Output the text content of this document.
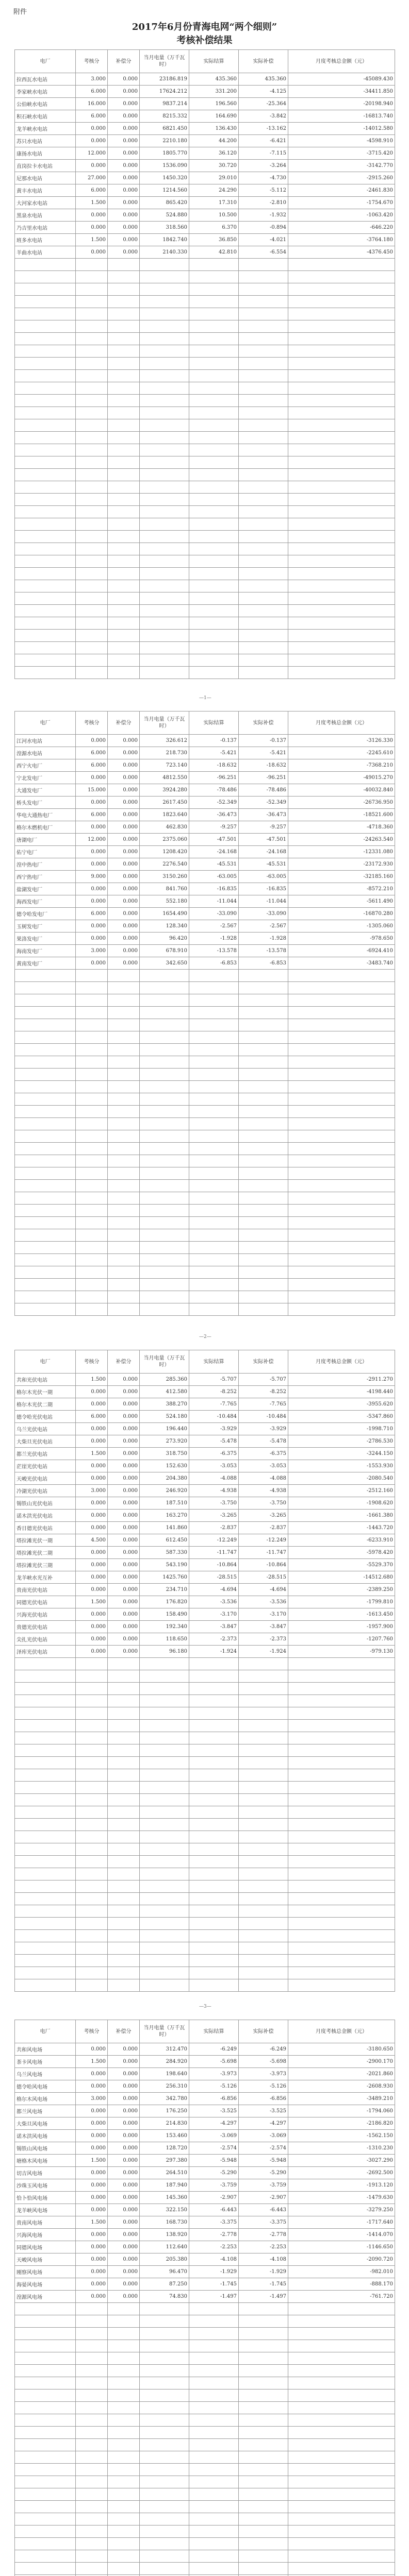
附件
2017年6月份青海电网“两个细则”
考核补偿结果
电厂	考核分	补偿分	当月电量（万千瓦时）	实际结算	实际补偿	月度考核总金额（元）
拉西瓦水电站	3.000	0.000	23186.819	435.360	435.360	-45089.430
李家峡水电站	6.000	0.000	17624.212	331.200	-4.125	-34411.850
公伯峡水电站	16.000	0.000	9837.214	196.560	-25.364	-20198.940
积石峡水电站	6.000	0.000	8215.332	164.690	-3.842	-16813.740
龙羊峡水电站	0.000	0.000	6821.450	136.430	-13.162	-14012.580
苏只水电站	0.000	0.000	2210.180	44.200	-6.421	-4598.910
康扬水电站	12.000	0.000	1805.770	36.120	-7.115	-3715.420
直岗拉卡水电站	0.000	0.000	1536.090	30.720	-3.264	-3142.770
尼那水电站	27.000	0.000	1450.320	29.010	-4.730	-2915.260
黄丰水电站	6.000	0.000	1214.560	24.290	-5.112	-2461.830
大河家水电站	1.500	0.000	865.420	17.310	-2.810	-1754.670
黑泉水电站	0.000	0.000	524.880	10.500	-1.932	-1063.420
乃吉里水电站	0.000	0.000	318.560	6.370	-0.894	-646.220
班多水电站	1.500	0.000	1842.740	36.850	-4.021	-3764.180
羊曲水电站	0.000	0.000	2140.330	42.810	-6.554	-4376.450

—1—
电厂	考核分	补偿分	当月电量（万千瓦时）	实际结算	实际补偿	月度考核总金额（元）
江河水电站	0.000	0.000	326.612	-0.137	-0.137	-3126.330
湟源水电站	6.000	0.000	218.730	-5.421	-5.421	-2245.610
西宁火电厂	6.000	0.000	723.140	-18.632	-18.632	-7368.210
宁北发电厂	0.000	0.000	4812.550	-96.251	-96.251	-49015.270
大通发电厂	15.000	0.000	3924.280	-78.486	-78.486	-40032.840
桥头发电厂	0.000	0.000	2617.450	-52.349	-52.349	-26736.950
华电大通热电厂	6.000	0.000	1823.640	-36.473	-36.473	-18521.600
格尔木燃机电厂	0.000	0.000	462.830	-9.257	-9.257	-4718.360
唐湖电厂	12.000	0.000	2375.060	-47.501	-47.501	-24263.540
佑宁电厂	0.000	0.000	1208.420	-24.168	-24.168	-12331.080
湟中热电厂	0.000	0.000	2276.540	-45.531	-45.531	-23172.930
西宁热电厂	9.000	0.000	3150.260	-63.005	-63.005	-32185.160
盐湖发电厂	0.000	0.000	841.760	-16.835	-16.835	-8572.210
海西发电厂	0.000	0.000	552.180	-11.044	-11.044	-5611.490
德令哈发电厂	6.000	0.000	1654.490	-33.090	-33.090	-16870.280
玉树发电厂	0.000	0.000	128.340	-2.567	-2.567	-1305.060
果洛发电厂	0.000	0.000	96.420	-1.928	-1.928	-978.650
海南发电厂	3.000	0.000	678.910	-13.578	-13.578	-6924.410
黄南发电厂	0.000	0.000	342.650	-6.853	-6.853	-3483.740

—2—
电厂	考核分	补偿分	当月电量（万千瓦时）	实际结算	实际补偿	月度考核总金额（元）
共和光伏电站	1.500	0.000	285.360	-5.707	-5.707	-2911.270
格尔木光伏一期	0.000	0.000	412.580	-8.252	-8.252	-4198.440
格尔木光伏二期	0.000	0.000	388.270	-7.765	-7.765	-3955.620
德令哈光伏电站	6.000	0.000	524.180	-10.484	-10.484	-5347.860
乌兰光伏电站	0.000	0.000	196.440	-3.929	-3.929	-1998.710
大柴旦光伏电站	0.000	0.000	273.920	-5.478	-5.478	-2786.530
都兰光伏电站	1.500	0.000	318.750	-6.375	-6.375	-3244.150
茫崖光伏电站	0.000	0.000	152.630	-3.053	-3.053	-1553.930
天峻光伏电站	0.000	0.000	204.380	-4.088	-4.088	-2080.540
冷湖光伏电站	3.000	0.000	246.920	-4.938	-4.938	-2512.160
锡铁山光伏电站	0.000	0.000	187.510	-3.750	-3.750	-1908.620
诺木洪光伏电站	0.000	0.000	163.270	-3.265	-3.265	-1661.380
香日德光伏电站	0.000	0.000	141.860	-2.837	-2.837	-1443.720
塔拉滩光伏一期	4.500	0.000	612.450	-12.249	-12.249	-6233.910
塔拉滩光伏二期	0.000	0.000	587.330	-11.747	-11.747	-5978.420
塔拉滩光伏三期	0.000	0.000	543.190	-10.864	-10.864	-5529.370
龙羊峡水光互补	0.000	0.000	1425.760	-28.515	-28.515	-14512.680
贵南光伏电站	0.000	0.000	234.710	-4.694	-4.694	-2389.250
同德光伏电站	1.500	0.000	176.820	-3.536	-3.536	-1799.810
兴海光伏电站	0.000	0.000	158.490	-3.170	-3.170	-1613.450
贵德光伏电站	0.000	0.000	192.340	-3.847	-3.847	-1957.900
尖扎光伏电站	0.000	0.000	118.650	-2.373	-2.373	-1207.760
泽库光伏电站	0.000	0.000	96.180	-1.924	-1.924	-979.130

—3—
电厂	考核分	补偿分	当月电量（万千瓦时）	实际结算	实际补偿	月度考核总金额（元）
共和风电场	0.000	0.000	312.470	-6.249	-6.249	-3180.650
茶卡风电场	1.500	0.000	284.920	-5.698	-5.698	-2900.170
乌兰风电场	0.000	0.000	198.640	-3.973	-3.973	-2021.860
德令哈风电场	0.000	0.000	256.310	-5.126	-5.126	-2608.930
格尔木风电场	3.000	0.000	342.780	-6.856	-6.856	-3489.210
都兰风电场	0.000	0.000	176.250	-3.525	-3.525	-1794.060
大柴旦风电场	0.000	0.000	214.830	-4.297	-4.297	-2186.820
诺木洪风电场	0.000	0.000	153.460	-3.069	-3.069	-1562.150
锡铁山风电场	0.000	0.000	128.720	-2.574	-2.574	-1310.230
塘格木风电场	1.500	0.000	297.380	-5.948	-5.948	-3027.290
切吉风电场	0.000	0.000	264.510	-5.290	-5.290	-2692.500
沙珠玉风电场	0.000	0.000	187.940	-3.759	-3.759	-1913.120
恰卜恰风电场	0.000	0.000	145.360	-2.907	-2.907	-1479.630
龙羊峡风电场	0.000	0.000	322.150	-6.443	-6.443	-3279.250
贵南风电场	1.500	0.000	168.730	-3.375	-3.375	-1717.640
兴海风电场	0.000	0.000	138.920	-2.778	-2.778	-1414.070
同德风电场	0.000	0.000	112.640	-2.253	-2.253	-1146.650
天峻风电场	0.000	0.000	205.380	-4.108	-4.108	-2090.720
刚察风电场	0.000	0.000	96.470	-1.929	-1.929	-982.010
海晏风电场	0.000	0.000	87.250	-1.745	-1.745	-888.170
湟源风电场	0.000	0.000	74.830	-1.497	-1.497	-761.720
